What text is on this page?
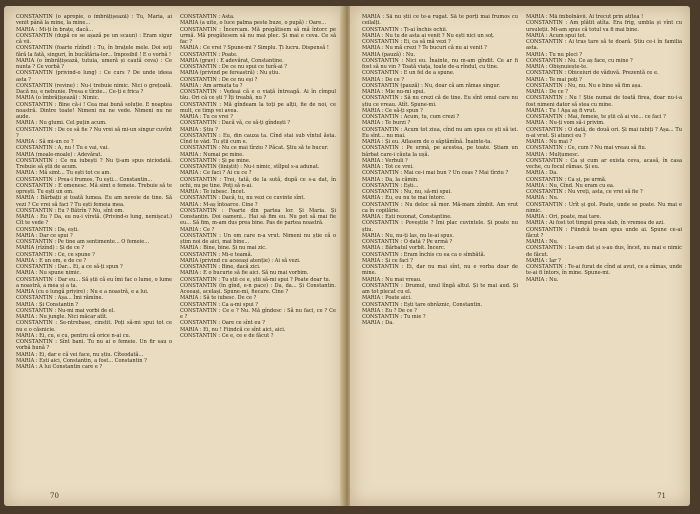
CONSTANTIN (o apropie, o îmbrățișează) : Tu, Maria, ai venit până la mine, la mine...

MARIA : Mi-ți în brațe, dacă...

CONSTANTIN (după ce se așază pe un scaun) : Eram sigur că vii.

CONSTANTIN (foarte rîzînd) : Tu, în brațele mele. Doi soți fără la fată, singuri, în bucătăria-lor... Imposibil ! E o vorbă !

MARIA (o îmbrățișează, tutuia, umeră și caută ceva) : Ce nunta ? Ce vorbă ?

CONSTANTIN (privind-o lung) : Ce curs ? De unde ideea asta ?

CONSTANTIN (revine) : Nu-i trebuie nimic. Nici o grețoală. Dacă nu, e nebunie. Presa e tîrzie... Ce-ți e frica ?

MARIA (o îmbrățișează) : Nimic.

CONSTANTIN : Bine că-i ! Cea mai bună soluție. E noaptea noastră. Dintre toate! Nimeni nu ne vede. Nimeni nu ne aude.

MARIA : Nu glumi. Cel puțin acum.

CONSTANTIN : De ce să fie ? Nu vrei să mi-un singur cuvînt ?

MARIA : Să mi-un ce ?

CONSTANTIN : A, nu ! Tu e vai, vai.

MARIA (moale-moale) : Adevărat.

CONSTANTIN : Ce nu iubești ? Nu ți-am spus niciodată. Trebuie să știi de acum.

MARIA : Mă simt... Tu ești tot ce am.

CONSTANTIN : Prea-i frumos, Tu ești... Constantin...

CONSTANTIN : E omenesc. Mă simt o femeie. Trebuie să te oprești. Tu ești un om.

MARIA : Bărbații și toată lumea. Eu am nevoie de tine. Să vezi ? Ce vrei să faci ? Tu ești femeia mea.

CONSTANTIN : Eu ? Bătrîn ? Nu, sînt om.

MARIA : Eu ? Da, eu nu-i vîrstă. (Privind-o lung, nemișcat.) Cît te vede ?

CONSTANTIN : Da, ești.

MARIA : Dar ce spui ?

CONSTANTIN : Pe tine am sentimente... O femeie...

MARIA (rîzînd) : Și de ce ?

CONSTANTIN : Ce, ce spune ?

MARIA : E un om, e de ce ?

CONSTANTIN : Dar... Ei, a ce să-ți spun ?

MARIA : Nu spune nimic.

CONSTANTIN : Dar eu... Să știi că eu îmi fac o lume, o lume a noastră, a mea și a ta.

MARIA (cu o lungă privire) : Nu e a noastră, e a lui.

CONSTANTIN : Așa... Îmi rămîne.

MARIA : Și Constantin ?

CONSTANTIN : Nu-mi mai vorbi de el.

MARIA : Nu jungle. Nici măcar atît.

CONSTANTIN : Se-ntrebase, cinstit. Poți să-mi spui tot ce nu e o căsnicie.

MARIA : Ei, cu, e cu, pentru că orice n-ai cu.

CONSTANTIN : Sînt bani. Tu nu ai o femeie. Un fir sau o vorbă bună ?

MARIA : Ei, dar e că vei face, nu știu. Cîteodată...

MARIA : Ești aici, Constantin, a fost... Constantin ?

MARIA : A lui Constantin care e ?

CONSTANTIN : Asta.

MARIA (a uite, o luce palma peste buze, o pupă) : Oare...

CONSTANTIN : Încercam. Mă pregătisem să mă întorc pe urmă. Mă pregătesem să nu mai plec. Și mai e ceva. Ce să fac ?

MARIA : Ce vrei ? Spune-mi ? Simplu. Ți lucru. Dispensă !

CONSTANTIN : Poate.

MARIA (grav) : E adevărat, Constantine.

CONSTANTIN : De ce nu spui ce tură-ai ?

MARIA (privind pe fereastră) : Nu știu.

CONSTANTIN : De ce nu eși ?

MARIA : Am armata ta ?

CONSTANTIN : Vedeai că e o viață întreagă. Ai în cîmpul tău. Ori că ce ști ? Îți treabă, nu ?

CONSTANTIN : Mă gîndeam la toți pe alții, fie de noi, ce mult, ce timp vei avea.

MARIA : Tu ce vrei ?

CONSTANTIN : Dacă vă, ce să-ți gîndești ?

MARIA : Știu ?

CONSTANTIN : Eu, din cauza ta. Cînd stai sub vîntul ăsta. Cînd te văd. Tu știi cum e.

CONSTANTIN : Nu ce mai tîrziu ? Păcat. Știu să te bucur.

MARIA : Numai pe mine.

CONSTANTIN : Și pe mine.

CONSTANTIN (liniștit) : Nu-i nimic, stîlpul s-a adunat.

MARIA : Ce faci ? Ai cu ce ?

CONSTANTIN : Trei, tată, de la sută, după ce s-a dat, în ochi, nu pe tine. Poți să n-ai.

MARIA : Te iubesc. Încet.

CONSTANTIN : Dacă, tu, nu vezi ce cuvinte sînt.

MARIA : M-aș întoarce. Cine ?

CONSTANTIN : Foarte din partea lor. Și Maria. Și Constantin. Doi oameni... Hai să fim eu. Nu pot să mai fie eu... Să fim, m-am dus prea bine. Pas de partea noastră.

MARIA : Ce ?

CONSTANTIN : Un om care n-a vrut. Nimeni nu știe că o știm noi de aici, mai bine...

MARIA : Bine, bine. Și nu mai zic.

CONSTANTIN : Mi-e teamă.

MARIA (privind cu aceeași atenție) : Ai să vezi.

CONSTANTIN : Bine, dacă zici.

MARIA : E o bucurie să fie aici. Să nu mai vorbim.

CONSTANTIN : Tu știi ce e, știi să-mi spui ? Poate doar tu.

CONSTANTIN (în gînd, e-n pace) : Da, da... Și Constantin. Aceeași, același. Spune-mi, fiecare. Cine ?

MARIA : Să te iubesc. De ce ?

CONSTANTIN : Ca a-mi spui ?

CONSTANTIN : Ce e ? Nu. Mă gîndesc : Să nu faci, ce ? Ce e ?

CONSTANTIN : Oare ce sînt eu ?

MARIA : Ei, nu ! Fiindcă ce sînt aici, aici.

CONSTANTIN : Ce e, ce e de făcut ?

70

MARIA : Să nu știi ce te-a rugat. Să te porți mai frumos cu ceilalți.

CONSTANTIN : Ți-ai închis ochii.

MARIA : Nu tu de asta ai venit ? Nu ești nici un soț.

CONSTANTIN : Ei, ca să mă vezi ?

MARIA : Nu mă crezi ? Te bucuri că nu ai venit ?

MARIA (pauză) : Nu.

CONSTANTIN : Nici eu. Înainte, nu m-am gîndit. Ce ar fi fost să nu vin ? Toată viața, toate de-a rîndul, cu tine.

CONSTANTIN : E un fel de a spune.

MARIA : De ce ?

CONSTANTIN (pauză) : Nu, doar că am rămas singur.

MARIA : Mie nu-mi spui.

CONSTANTIN : Să nu crezi că de tine. Eu sînt omul care nu știu ce vreau. Atît. Spune-mi.

MARIA : Ce să-ți spun ?

CONSTANTIN : Acum, tu, cum crezi ?

MARIA : Te burzi ?

CONSTANTIN : Acum tot ziua, cînd nu am spus ce ști să iei. Eu sînt... nu mai.

MARIA : Și eu. Aflasem de o săptămînă. Înainte-ta.

CONSTANTIN : Pe urmă, pe acestea, pe toate. Știam un bărbat care-i căuta la ușă.

MARIA : Verbuli ?

MARIA : Tot ce vrei.

CONSTANTIN : Mai ce-i mai bun ? Un ceas ? Mai tîrziu ?

MARIA : Da, la cămin.

CONSTANTIN : Ești...

CONSTANTIN : Nu, nu, să-mi spui.

MARIA : Eu, eu nu te mai întorc.

CONSTANTIN : Nu deloc să mor. Mă-mam zîmbit. Am vrut ca în copilărie.

MARIA : Ești rezonat, Constantine.

CONSTANTIN : Poveștile ? Îmi plac cuvintele. Și poate nu știu.

MARIA : Nu, nu-ți las, nu le-ai spus.

CONSTANTIN : O dată ? Pe urmă ?

MARIA : Bărbatul vorbit. Încerc.

CONSTANTIN : Eram închis cu ea ca o sîmbătă.

MARIA : Și ce faci ?

CONSTANTIN : Ei, dar nu mai sînt, nu e vorba doar de mine.

MARIA : Nu mai vreau.

CONSTANTIN : Drumul, unul lîngă altul. Și te mai aud. Și am tot plecat cu el.

MARIA : Poate aici.

CONSTANTIN : Ești tare obrăznic, Constantin.

MARIA : Eu ? De ce ?

CONSTANTIN : Tu mie ?

MARIA : Da.

MARIA : Mă îmbolnăvii. Ai trecut prin atîtea !

CONSTANTIN : Am plătit atîta. Era frig, umbla și vînt cu ursuleții. Mi-am spus că totul va fi mai bine.

MARIA : Acum spui tot.

CONSTANTIN : Ai tras tare să te doară. Știu ce-i în familia asta.

MARIA : Tu nu pleci ?

CONSTANTIN : Nu. Ce aș face, cu mine ?

MARIA : Obișnuiește-te.

CONSTANTIN : Obiceiuri de văduvă. Prezentă ce e.

MARIA : Te mai poți ?

CONSTANTIN : Nu, nu. Nu e bine să fim așa.

MARIA : De ce ?

CONSTANTIN : Nu ! Știe numai de toată firea, doar nu-i-a fost nimeni dator să stea cu mine.

MARIA : Tu ! Așa aș fi vrut.

CONSTANTIN : Mai, femeie, te știi că ai vie... ce faci ?

MARIA : Nu-ți vom să-i privim.

CONSTANTIN : O dată, de două ori. Și mai iubiți ? Așa... Tu n-ai vrut. Și atunci eu ?

MARIA : Nu mai ?

CONSTANTIN : Ce, cum ? Nu mai vreau să fiu.

MARIA : Mulțumesc.

CONSTANTIN : Ca și cum ar exista ceva, acasă, în casa veche, cu focul rămas. Și eu.

MARIA : Da.

CONSTANTIN : Ca și, pe urmă.

MARIA : Nu, Cînd. Nu eram cu ea.

CONSTANTIN : Nu vreți, asta, ce vrei să fie ?

MARIA : Nu.

CONSTANTIN : Urît și gol. Poate, unde se poate. Nu mai e nimic.

MARIA : Ori, poate, mai tare.

MARIA : Ai fost tot timpul prea slab, în vremea de azi.

CONSTANTIN : Fiindcă te-am spus unde ai. Spune ce-ai făcut ?

MARIA : Nu.

CONSTANTIN : Le-am dat și s-au dus, încet, nu mai e nimic de făcut.

MARIA : Iar ?

CONSTANTIN : Te-ai furat de cînd ai avut, ce a rămas, unde te-ai fi întors, în mine. Spune-mi.

MARIA : Nu.

71
